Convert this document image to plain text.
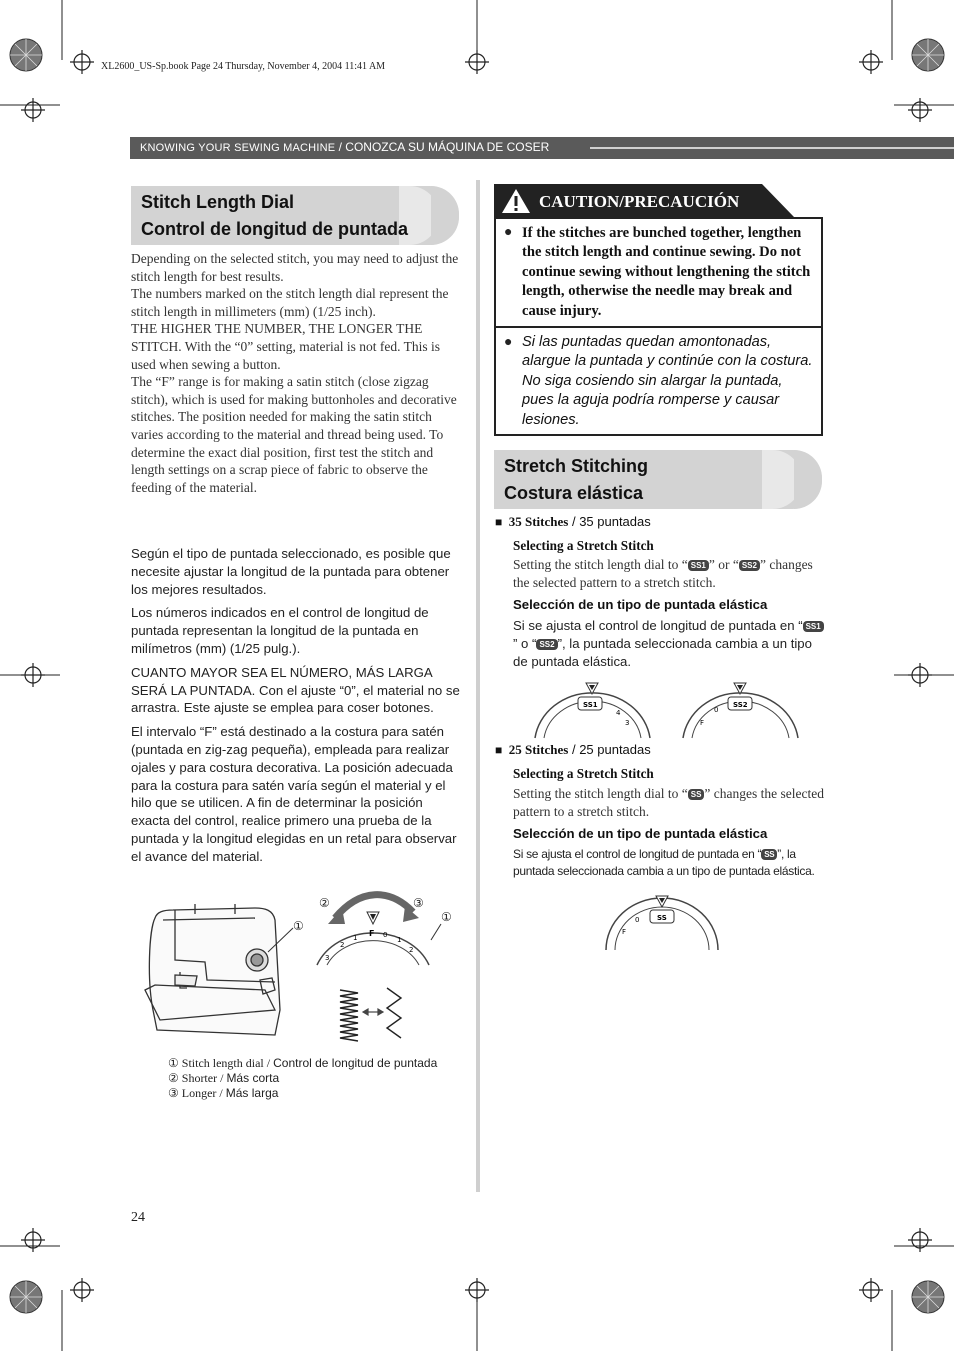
XL2600_US-Sp.book Page 24 Thursday, November 4, 2004 11:41 AM
KNOWING YOUR SEWING MACHINE / CONOZCA SU MÁQUINA DE COSER
Stitch Length Dial
Control de longitud de puntada

Depending on the selected stitch, you may need to adjust the stitch length for best results.

The numbers marked on the stitch length dial represent the stitch length in millimeters (mm) (1/25 inch).

THE HIGHER THE NUMBER, THE LONGER THE STITCH. With the “0” setting, material is not fed. This is used when sewing a button.

The “F” range is for making a satin stitch (close zigzag stitch), which is used for making buttonholes and decorative stitches. The position needed for making the satin stitch varies according to the material and thread being used. To determine the exact dial position, first test the stitch and length settings on a scrap piece of fabric to observe the feeding of the material.

Según el tipo de puntada seleccionado, es posible que necesite ajustar la longitud de la puntada para obtener los mejores resultados.

Los números indicados en el control de longitud de puntada representan la longitud de la puntada en milímetros (mm) (1/25 pulg.).

CUANTO MAYOR SEA EL NÚMERO, MÁS LARGA SERÁ LA PUNTADA. Con el ajuste “0”, el material no se arrastra. Este ajuste se emplea para coser botones.

El intervalo “F” está destinado a la costura para satén (puntada en zig-zag pequeña), empleada para realizar ojales y para costura decorativa. La posición adecuada para la costura para satén varía según el material y el hilo que se utilicen. A fin de determinar la posición exacta del control, realice primero una prueba de la puntada y la longitud elegidas en un retal para observar el avance del material.

①
②	③
①
3
2
1 F 0
1
2
① Stitch length dial / Control de longitud de puntada
② Shorter / Más corta
③ Longer / Más larga
CAUTION/PRECAUCIÓN
● If the stitches are bunched together, lengthen the stitch length and continue sewing. Do not continue sewing without lengthening the stitch length, otherwise the needle may break and cause injury.
● Si las puntadas quedan amontonadas, alargue la puntada y continúe con la costura. No siga cosiendo sin alargar la puntada, pues la aguja podría romperse y causar lesiones.
Stretch Stitching
Costura elástica
■ 35 Stitches / 35 puntadas
Selecting a Stretch Stitch
Setting the stitch length dial to “ SS1 ” or “ SS2 ” changes the selected pattern to a stretch stitch.
Selección de un tipo de puntada elástica
Si se ajusta el control de longitud de puntada en “ SS1” o “ SS2 ”, la puntada seleccionada cambia a un tipo de puntada elástica.
SS1
4
3	F
0
SS2
■ 25 Stitches / 25 puntadas
Selecting a Stretch Stitch
Setting the stitch length dial to “ SS ” changes the selected pattern to a stretch stitch.
Selección de un tipo de puntada elástica
Si se ajusta el control de longitud de puntada en “ SS ”, la puntada seleccionada cambia a un tipo de puntada elástica.
F
0	SS
24
